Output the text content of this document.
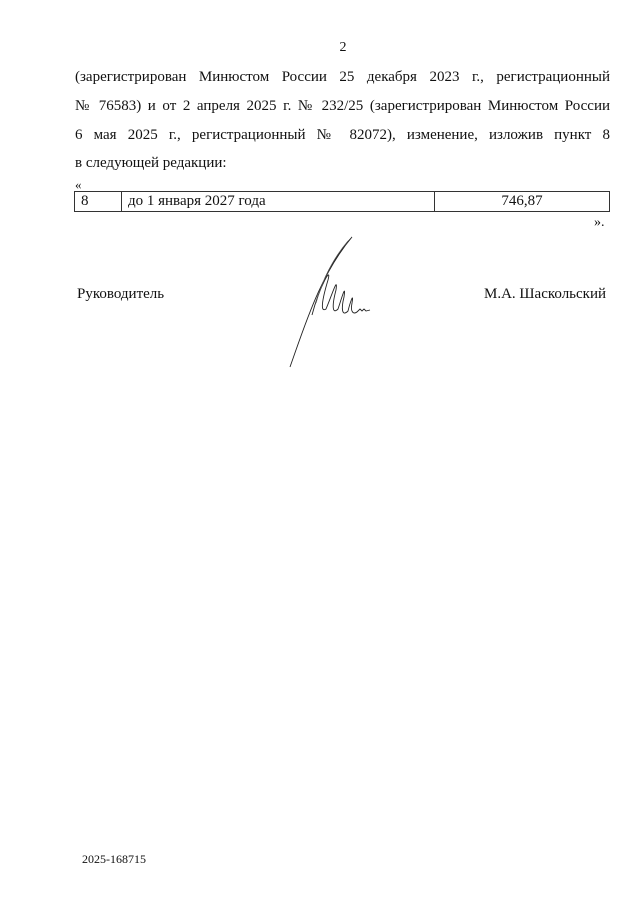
2
(зарегистрирован Минюстом России 25 декабря 2023 г., регистрационный
№ 76583) и от 2 апреля 2025 г. № 232/25 (зарегистрирован Минюстом России
6 мая 2025 г., регистрационный № 82072), изменение, изложив пункт 8
в следующей редакции:
«
8	до 1 января 2027 года	746,87
».
Руководитель	М.А. Шаскольский
2025-168715
